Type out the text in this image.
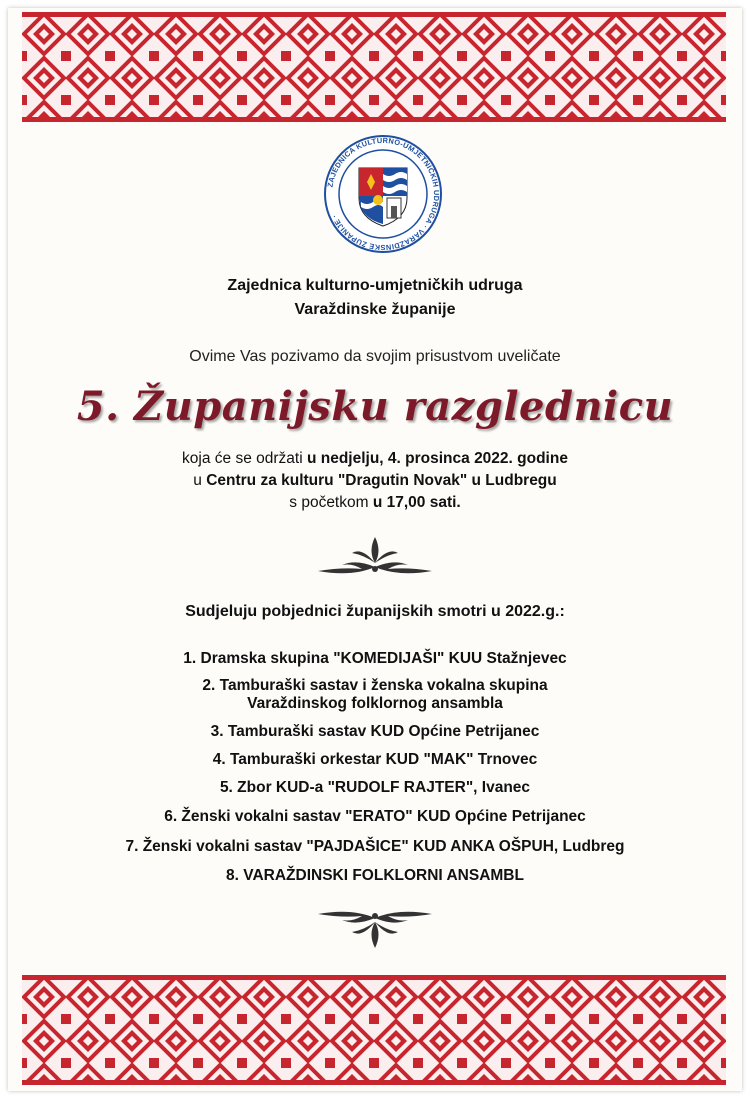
ZAJEDNICA KULTURNO-UMJETNIČKIH UDRUGA · VARAŽDINSKE ŽUPANIJE ·
Zajednica kulturno-umjetničkih udruga
Varaždinske županije
Ovime Vas pozivamo da svojim prisustvom uveličate
5. Županijsku razglednicu
koja će se održati u nedjelju, 4. prosinca 2022. godine
u Centru za kulturu "Dragutin Novak" u Ludbregu
s početkom u 17,00 sati.
Sudjeluju pobjednici županijskih smotri u 2022.g.:
1. Dramska skupina "KOMEDIJAŠI" KUU Stažnjevec
2. Tamburaški sastav i ženska vokalna skupina
Varaždinskog folklornog ansambla
3. Tamburaški sastav KUD Općine Petrijanec
4. Tamburaški orkestar KUD "MAK" Trnovec
5. Zbor KUD-a "RUDOLF RAJTER", Ivanec
6. Ženski vokalni sastav "ERATO" KUD Općine Petrijanec
7. Ženski vokalni sastav "PAJDAŠICE" KUD ANKA OŠPUH, Ludbreg
8. VARAŽDINSKI FOLKLORNI ANSAMBL
